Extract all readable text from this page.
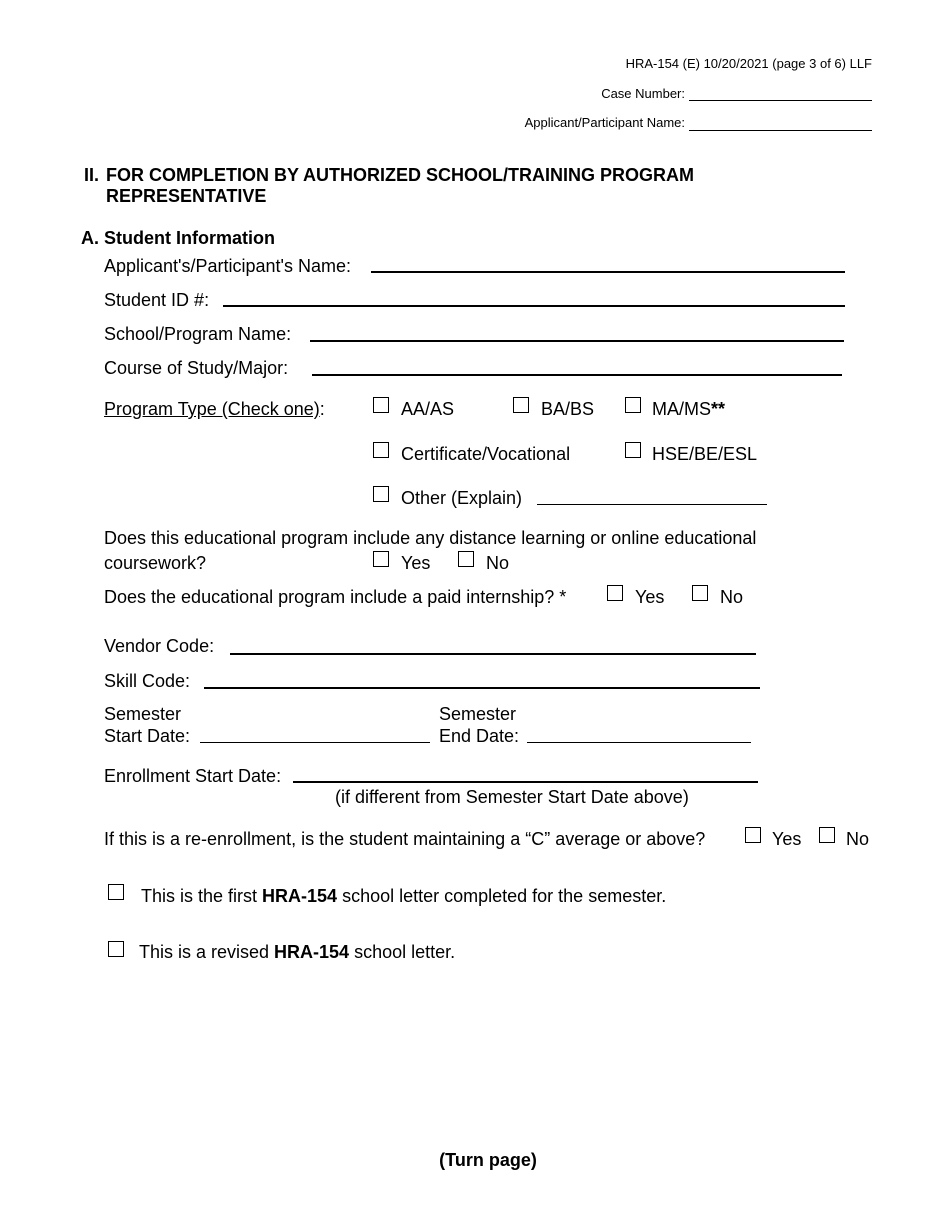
HRA-154 (E) 10/20/2021 (page 3 of 6) LLF
Case Number:
Applicant/Participant Name:
II. FOR COMPLETION BY AUTHORIZED SCHOOL/TRAINING PROGRAM
REPRESENTATIVE
A. Student Information
Applicant's/Participant's Name:
Student ID #:
School/Program Name:
Course of Study/Major:
Program Type (Check one):	AA/AS	BA/BS	MA/MS**
Certificate/Vocational	HSE/BE/ESL
Other (Explain)
Does this educational program include any distance learning or online educational
coursework?	Yes	No
Does the educational program include a paid internship? *	Yes	No
Vendor Code:
Skill Code:
Semester
Start Date:
Semester
End Date:
Enrollment Start Date:
(if different from Semester Start Date above)
If this is a re-enrollment, is the student maintaining a “C” average or above?	Yes No
This is the first HRA-154 school letter completed for the semester.
This is a revised HRA-154 school letter.
(Turn page)
